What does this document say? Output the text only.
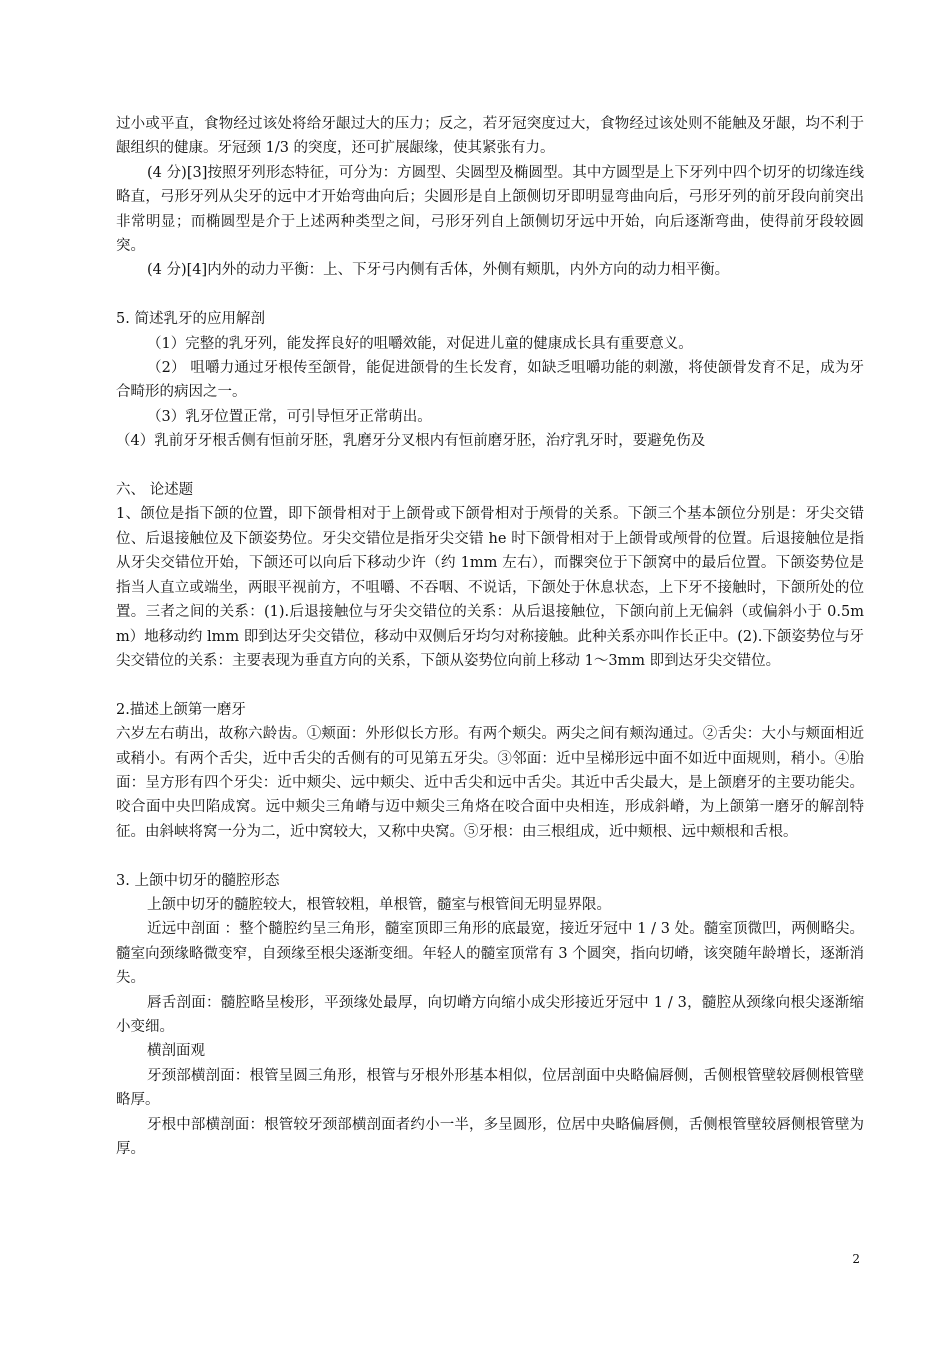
过小或平直，食物经过该处将给牙龈过大的压力；反之，若牙冠突度过大，食物经过该处则不能触及牙龈，均不利于龈组织的健康。牙冠颈 1/3 的突度，还可扩展龈缘，使其紧张有力。

(4 分)[3]按照牙列形态特征，可分为：方圆型、尖圆型及椭圆型。其中方圆型是上下牙列中四个切牙的切缘连线略直，弓形牙列从尖牙的远中才开始弯曲向后；尖圆形是自上颌侧切牙即明显弯曲向后，弓形牙列的前牙段向前突出非常明显；而椭圆型是介于上述两种类型之间，弓形牙列自上颌侧切牙远中开始，向后逐渐弯曲，使得前牙段较圆突。

(4 分)[4]内外的动力平衡：上、下牙弓内侧有舌体，外侧有颊肌，内外方向的动力相平衡。

5. 简述乳牙的应用解剖

（1）完整的乳牙列，能发挥良好的咀嚼效能，对促进儿童的健康成长具有重要意义。

（2） 咀嚼力通过牙根传至颌骨，能促进颌骨的生长发育，如缺乏咀嚼功能的刺激，将使颌骨发育不足，成为牙合畸形的病因之一。

（3）乳牙位置正常，可引导恒牙正常萌出。

（4）乳前牙牙根舌侧有恒前牙胚，乳磨牙分叉根内有恒前磨牙胚，治疗乳牙时，要避免伤及

六、 论述题

1、颌位是指下颌的位置，即下颌骨相对于上颌骨或下颌骨相对于颅骨的关系。下颌三个基本颌位分别是：牙尖交错位、后退接触位及下颌姿势位。牙尖交错位是指牙尖交错 he 时下颌骨相对于上颌骨或颅骨的位置。后退接触位是指从牙尖交错位开始，下颌还可以向后下移动少许（约 1mm 左右），而髁突位于下颌窝中的最后位置。下颌姿势位是指当人直立或端坐，两眼平视前方，不咀嚼、不吞咽、不说话，下颌处于休息状态，上下牙不接触时，下颌所处的位置。三者之间的关系：(1).后退接触位与牙尖交错位的关系：从后退接触位，下颌向前上无偏斜（或偏斜小于 0.5mm）地移动约 lmm 即到达牙尖交错位，移动中双侧后牙均匀对称接触。此种关系亦叫作长正中。(2).下颌姿势位与牙尖交错位的关系：主要表现为垂直方向的关系，下颌从姿势位向前上移动 1～3mm 即到达牙尖交错位。

2.描述上颌第一磨牙

六岁左右萌出，故称六龄齿。①颊面：外形似长方形。有两个颊尖。两尖之间有颊沟通过。②舌尖：大小与颊面相近或稍小。有两个舌尖，近中舌尖的舌侧有的可见第五牙尖。③邻面：近中呈梯形远中面不如近中面规则，稍小。④胎面：呈方形有四个牙尖：近中颊尖、远中颊尖、近中舌尖和远中舌尖。其近中舌尖最大，是上颌磨牙的主要功能尖。咬合面中央凹陷成窝。远中颊尖三角嵴与迈中颊尖三角烙在咬合面中央相连，形成斜嵴，为上颌第一磨牙的解剖特征。由斜峡将窝一分为二，近中窝较大，又称中央窝。⑤牙根：由三根组成，近中颊根、远中颊根和舌根。

3. 上颌中切牙的髓腔形态

上颌中切牙的髓腔较大，根管较粗，单根管，髓室与根管间无明显界限。

近远中剖面 ：整个髓腔约呈三角形，髓室顶即三角形的底最宽，接近牙冠中 1 / 3 处。髓室顶微凹，两侧略尖。髓室向颈缘略微变窄，自颈缘至根尖逐渐变细。年轻人的髓室顶常有 3 个圆突，指向切嵴，该突随年龄增长，逐渐消失。

唇舌剖面：髓腔略呈梭形，平颈缘处最厚，向切嵴方向缩小成尖形接近牙冠中 1 / 3，髓腔从颈缘向根尖逐渐缩小变细。

横剖面观

牙颈部横剖面：根管呈圆三角形，根管与牙根外形基本相似，位居剖面中央略偏唇侧，舌侧根管壁较唇侧根管壁略厚。

牙根中部横剖面：根管较牙颈部横剖面者约小一半，多呈圆形，位居中央略偏唇侧，舌侧根管壁较唇侧根管壁为厚。

2
